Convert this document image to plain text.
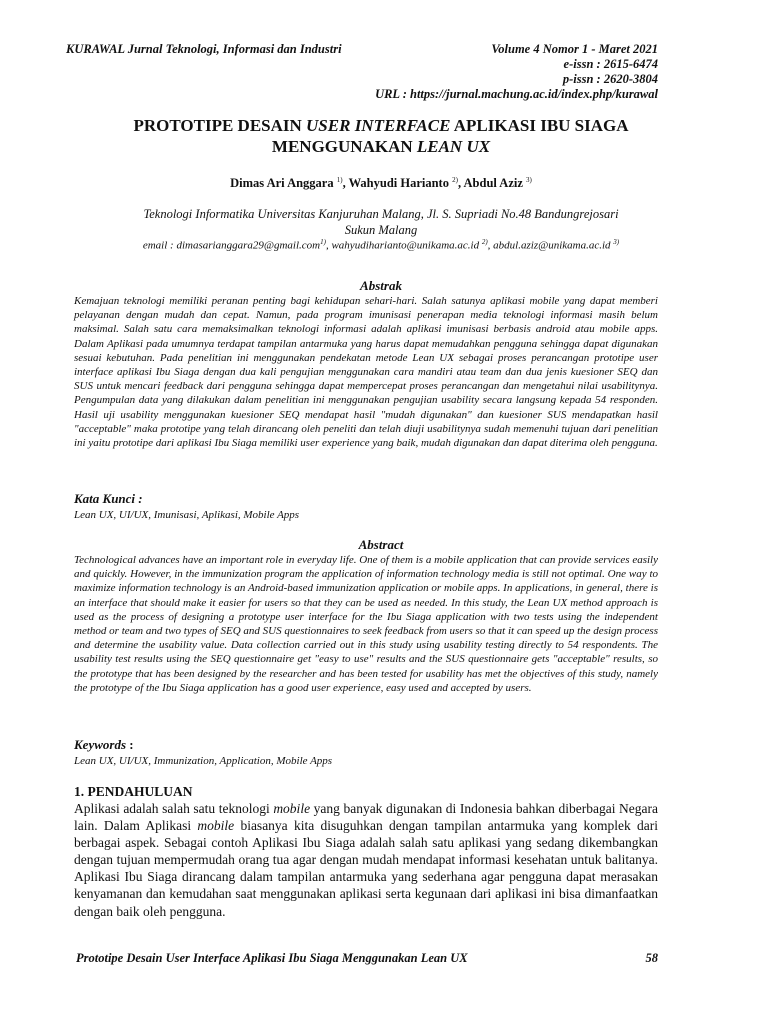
KURAWAL Jurnal Teknologi, Informasi dan Industri	Volume 4 Nomor 1 - Maret 2021
e-issn : 2615-6474
p-issn : 2620-3804
URL : https://jurnal.machung.ac.id/index.php/kurawal
PROTOTIPE DESAIN USER INTERFACE APLIKASI IBU SIAGA
MENGGUNAKAN LEAN UX
Dimas Ari Anggara $^{1)}$, Wahyudi Harianto $^{2)}$, Abdul Aziz $^{3)}$
Teknologi Informatika Universitas Kanjuruhan Malang, Jl. S. Supriadi No.48 Bandungrejosari
Sukun Malang
email : dimasarianggara29@gmail.com$^{1)}$, wahyudiharianto@unikama.ac.id $^{2)}$, abdul.aziz@unikama.ac.id $^{3)}$
Abstrak

Kemajuan teknologi memiliki peranan penting bagi kehidupan sehari-hari. Salah satunya aplikasi mobile yang dapat memberi pelayanan dengan mudah dan cepat. Namun, pada program imunisasi penerapan media teknologi informasi masih belum maksimal. Salah satu cara memaksimalkan teknologi informasi adalah aplikasi imunisasi berbasis android atau mobile apps. Dalam Aplikasi pada umumnya terdapat tampilan antarmuka yang harus dapat memudahkan pengguna sehingga dapat digunakan sesuai kebutuhan. Pada penelitian ini menggunakan pendekatan metode Lean UX sebagai proses perancangan prototipe user interface aplikasi Ibu Siaga dengan dua kali pengujian menggunakan cara mandiri atau team dan dua jenis kuesioner SEQ dan SUS untuk mencari feedback dari pengguna sehingga dapat mempercepat proses perancangan dan mengetahui nilai usabilitynya. Pengumpulan data yang dilakukan dalam penelitian ini menggunakan pengujian usability secara langsung kepada 54 responden. Hasil uji usability menggunakan kuesioner SEQ mendapat hasil "mudah digunakan" dan kuesioner SUS mendapatkan hasil "acceptable" maka prototipe yang telah dirancang oleh peneliti dan telah diuji usabilitynya sudah memenuhi tujuan dari penelitian ini yaitu prototipe dari aplikasi Ibu Siaga memiliki user experience yang baik, mudah digunakan dan dapat diterima oleh pengguna.

Kata Kunci :
Lean UX, UI/UX, Imunisasi, Aplikasi, Mobile Apps
Abstract

Technological advances have an important role in everyday life. One of them is a mobile application that can provide services easily and quickly. However, in the immunization program the application of information technology media is still not optimal. One way to maximize information technology is an Android-based immunization application or mobile apps. In applications, in general, there is an interface that should make it easier for users so that they can be used as needed. In this study, the Lean UX method approach is used as the process of designing a prototype user interface for the Ibu Siaga application with two tests using the independent method or team and two types of SEQ and SUS questionnaires to seek feedback from users so that it can speed up the design process and determine the usability value. Data collection carried out in this study using usability testing directly to 54 respondents. The usability test results using the SEQ questionnaire get "easy to use" results and the SUS questionnaire gets "acceptable" results, so the prototype that has been designed by the researcher and has been tested for usability has met the objectives of this study, namely the prototype of the Ibu Siaga application has a good user experience, easy used and accepted by users.

Keywords :
Lean UX, UI/UX, Immunization, Application, Mobile Apps
1. PENDAHULUAN

Aplikasi adalah salah satu teknologi mobile yang banyak digunakan di Indonesia bahkan diberbagai Negara lain. Dalam Aplikasi mobile biasanya kita disuguhkan dengan tampilan antarmuka yang komplek dari berbagai aspek. Sebagai contoh Aplikasi Ibu Siaga adalah salah satu aplikasi yang sedang dikembangkan dengan tujuan mempermudah orang tua agar dengan mudah mendapat informasi kesehatan untuk balitanya. Aplikasi Ibu Siaga dirancang dalam tampilan antarmuka yang sederhana agar pengguna dapat merasakan kenyamanan dan kemudahan saat menggunakan aplikasi serta kegunaan dari aplikasi ini bisa dimanfaatkan dengan baik oleh pengguna.

Prototipe Desain User Interface Aplikasi Ibu Siaga Menggunakan Lean UX	58
